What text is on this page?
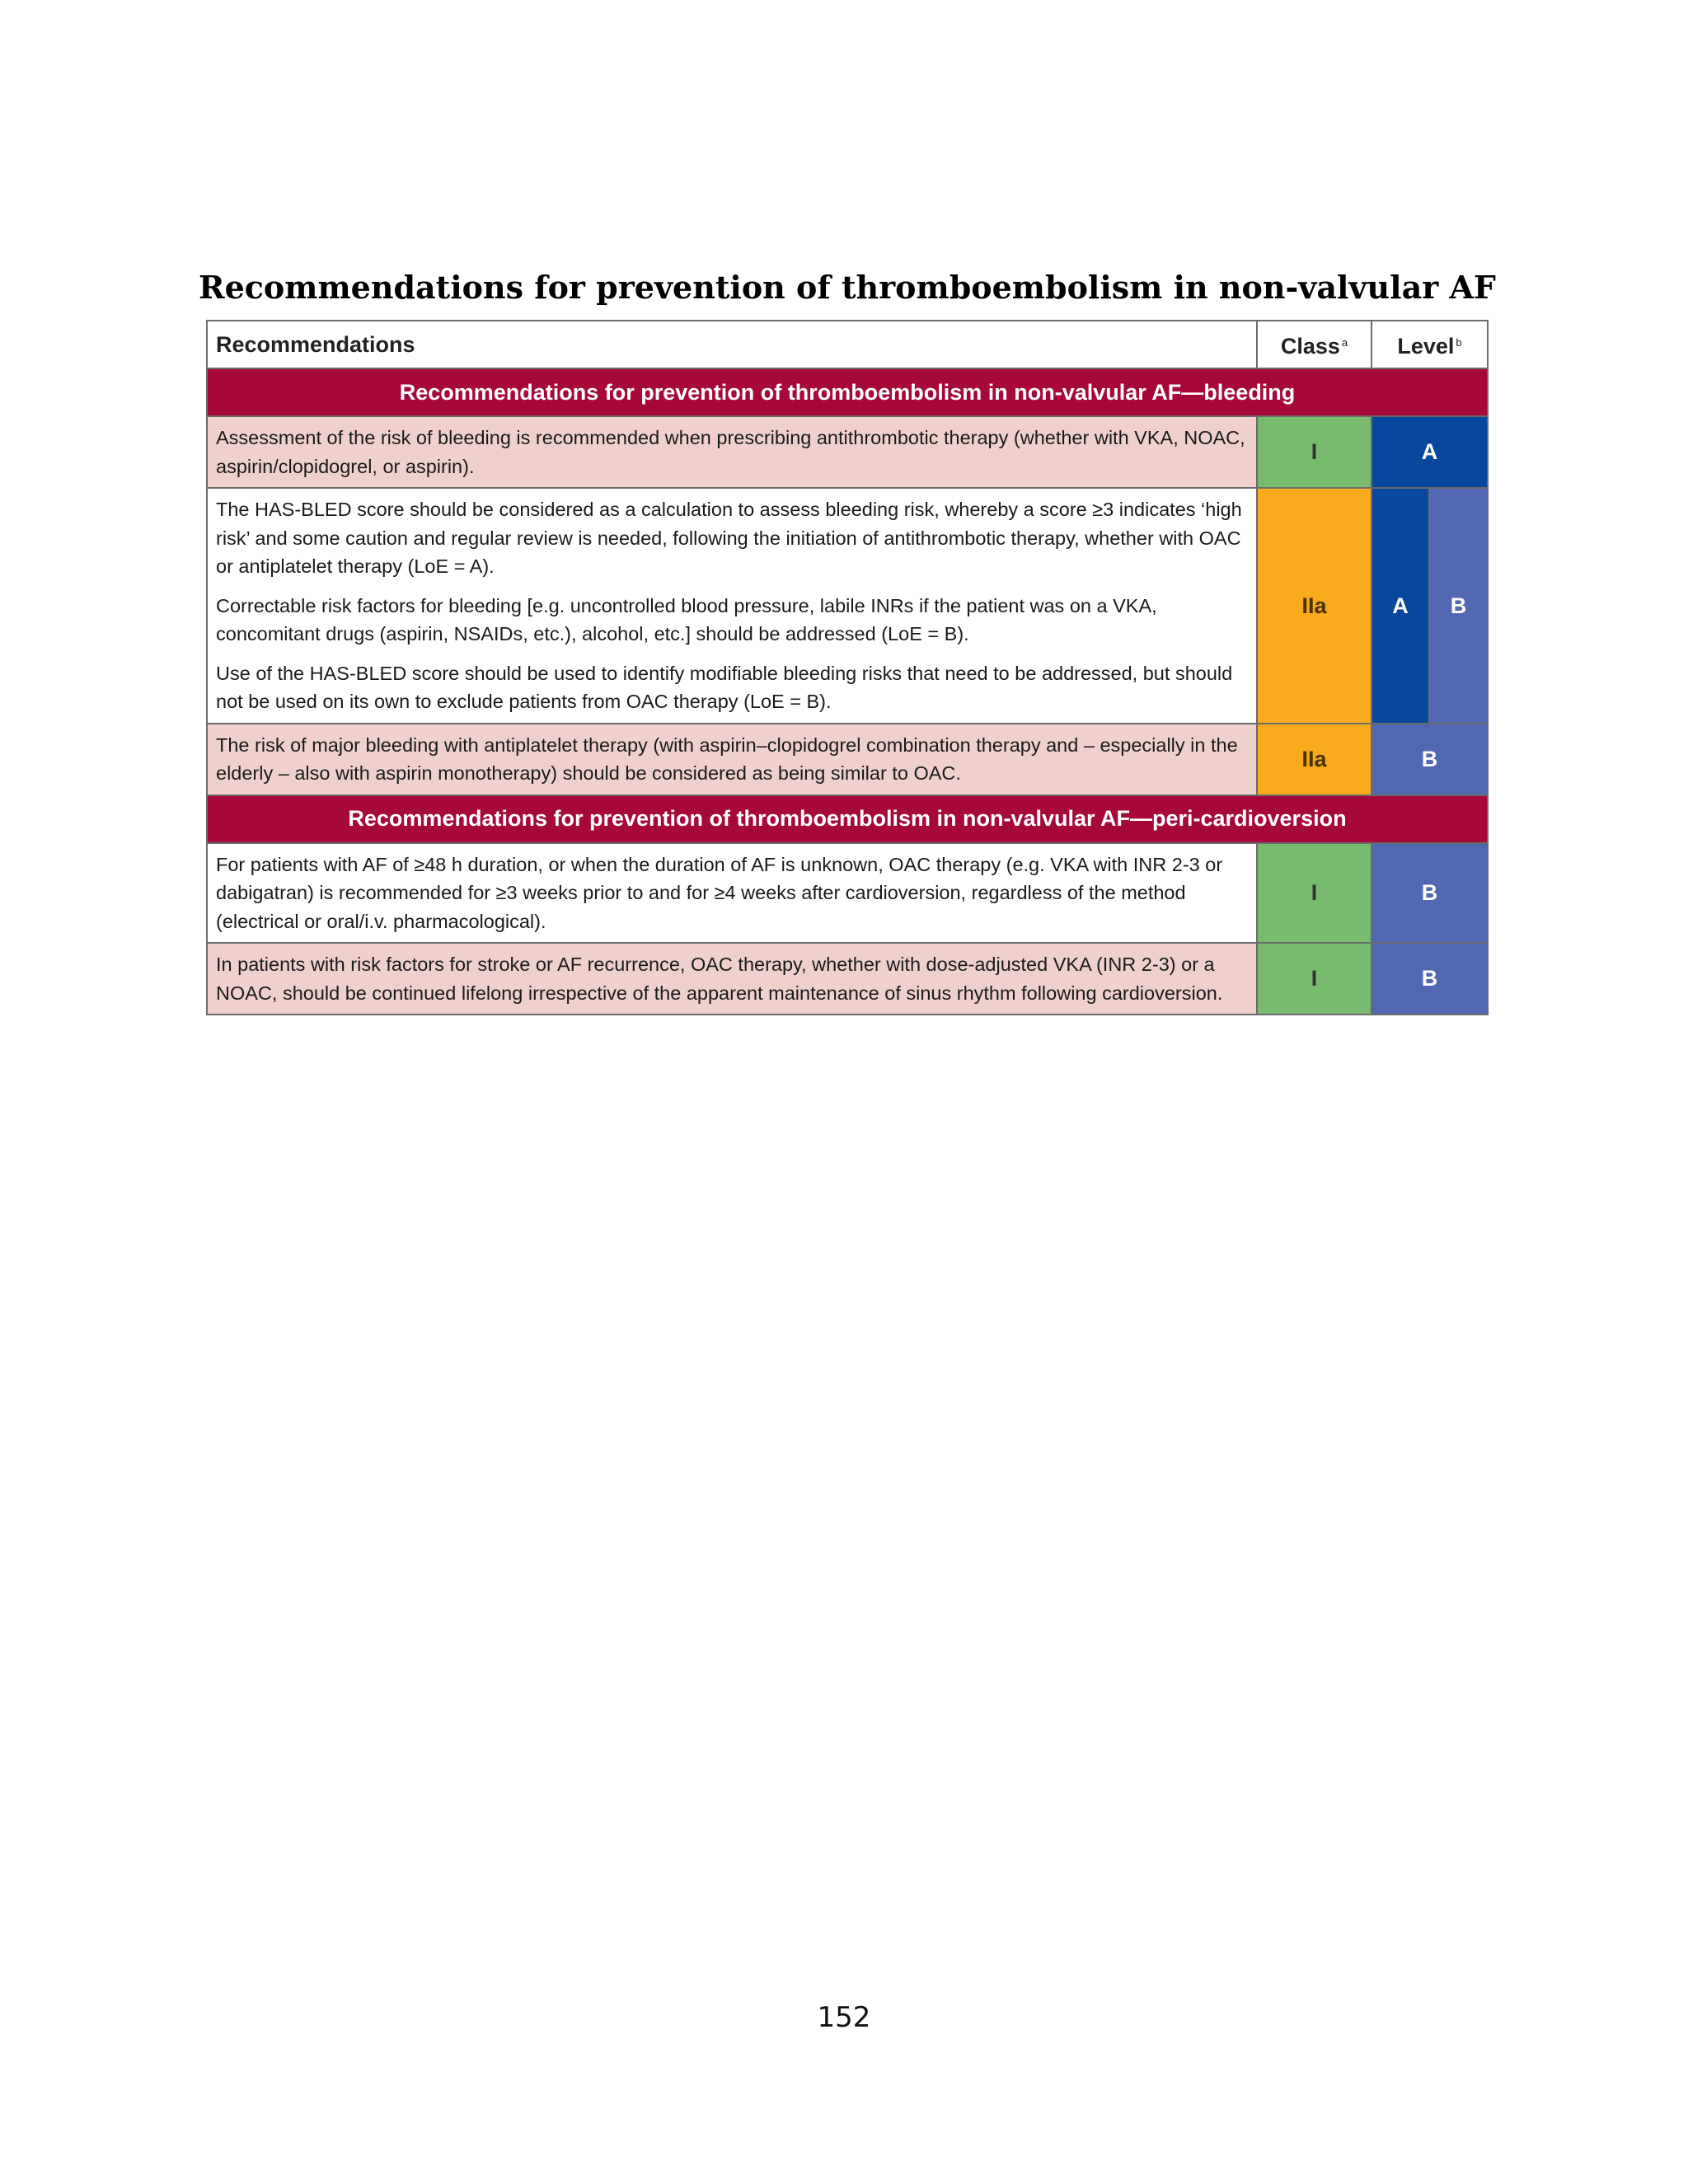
Recommendations for prevention of thromboembolism in non-valvular AF
Recommendations	Class $^a$	Level $^b$
Recommendations for prevention of thromboembolism in non-valvular AF—bleeding			

Assessment of the risk of bleeding is recommended when prescribing antithrombotic therapy (whether with VKA, NOAC, aspirin/clopidogrel, or aspirin).	I	A	

The HAS-BLED score should be considered as a calculation to assess bleeding risk, whereby a score ≥3 indicates ‘high risk’ and some caution and regular review is needed, following the initiation of antithrombotic therapy, whether with OAC or antiplatelet therapy (LoE = A).

Correctable risk factors for bleeding [e.g. uncontrolled blood pressure, labile INRs if the patient was on a VKA, concomitant drugs (aspirin, NSAIDs, etc.), alcohol, etc.] should be addressed (LoE = B).

Use of the HAS-BLED score should be used to identify modifiable bleeding risks that need to be addressed, but should not be used on its own to exclude patients from OAC therapy (LoE = B).	IIa	A	B

The risk of major bleeding with antiplatelet therapy (with aspirin–clopidogrel combination therapy and – especially in the elderly – also with aspirin monotherapy) should be considered as being similar to OAC.	IIa	B	
Recommendations for prevention of thromboembolism in non-valvular AF—peri-cardioversion			

For patients with AF of ≥48 h duration, or when the duration of AF is unknown, OAC therapy (e.g. VKA with INR 2-3 or dabigatran) is recommended for ≥3 weeks prior to and for ≥4 weeks after cardioversion, regardless of the method (electrical or oral/i.v. pharmacological).	I	B	

In patients with risk factors for stroke or AF recurrence, OAC therapy, whether with dose-adjusted VKA (INR 2-3) or a NOAC, should be continued lifelong irrespective of the apparent maintenance of sinus rhythm following cardioversion.	I	B	
152
